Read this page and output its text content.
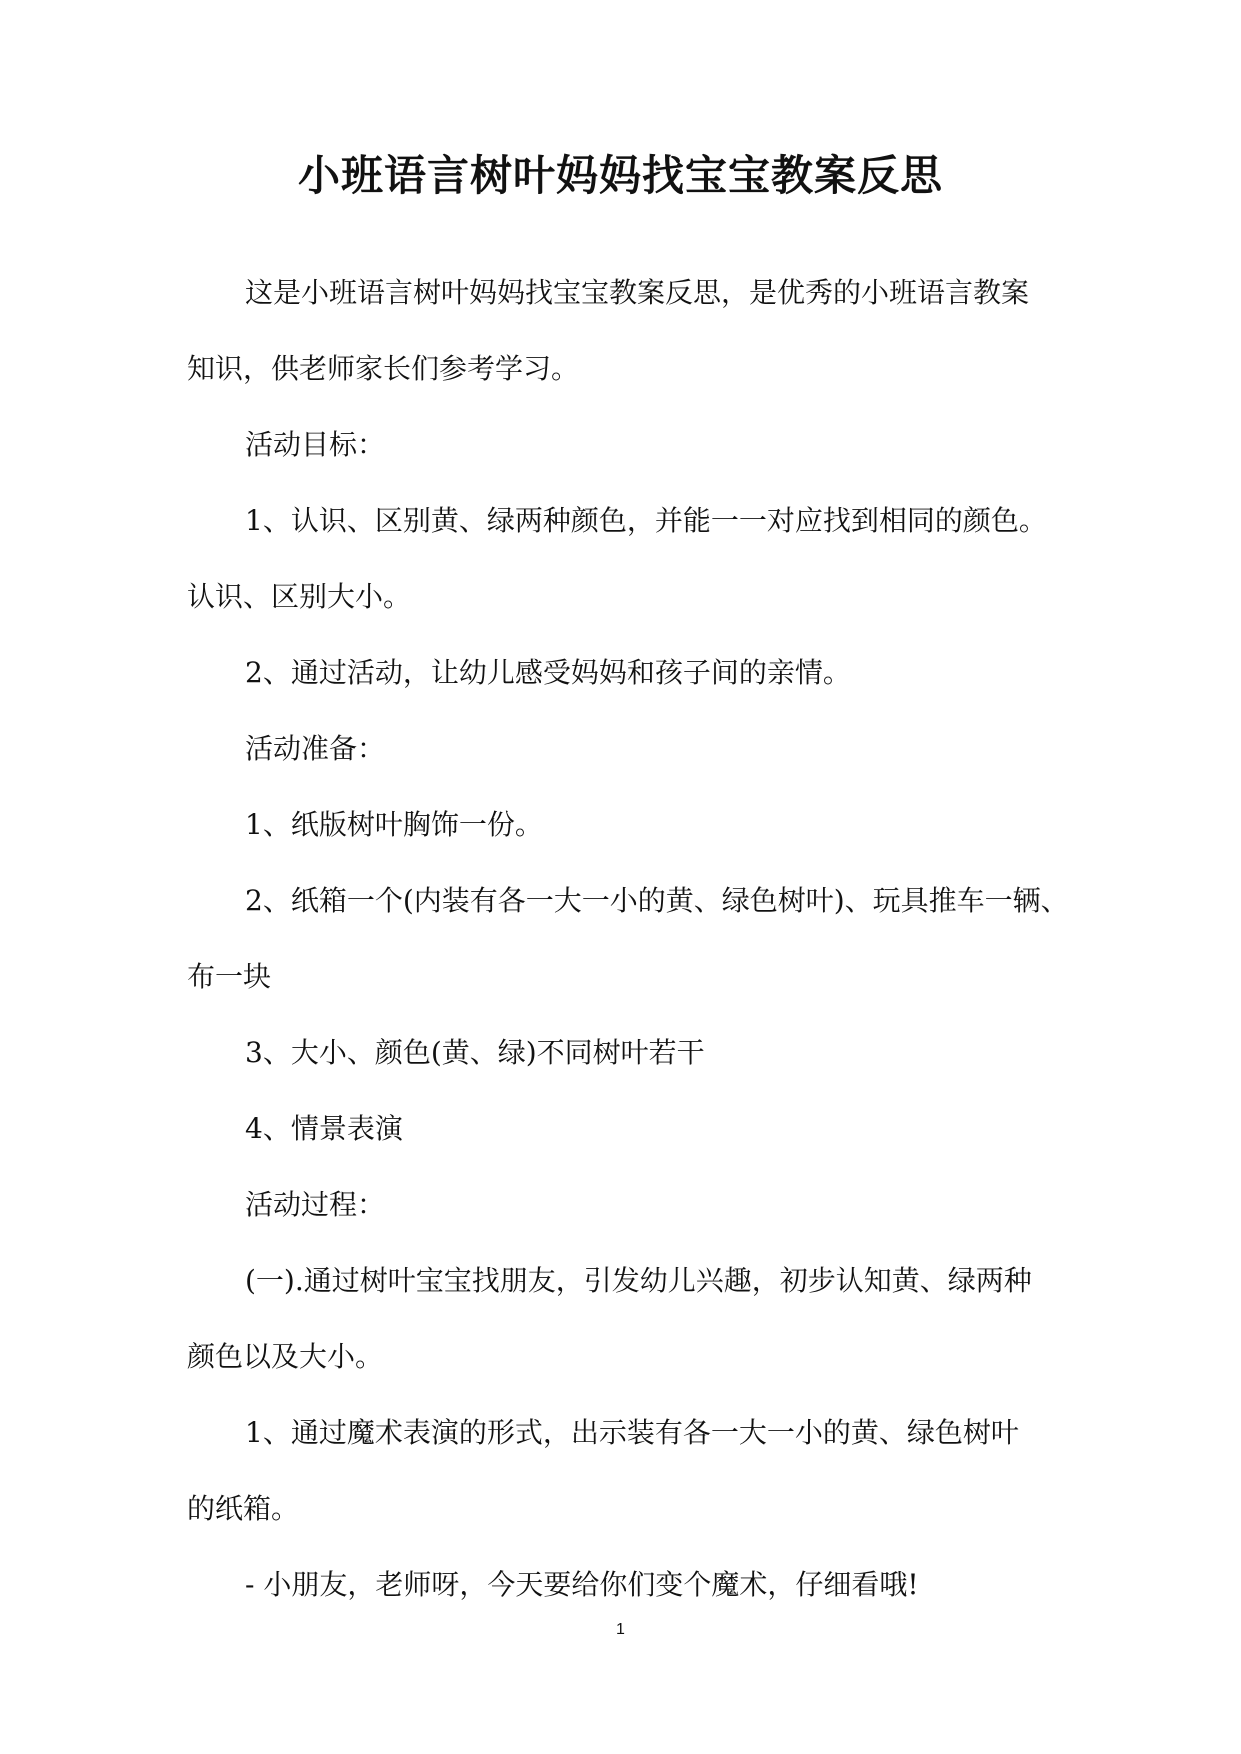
小班语言树叶妈妈找宝宝教案反思
这是小班语言树叶妈妈找宝宝教案反思，是优秀的小班语言教案
知识，供老师家长们参考学习。
活动目标：
1、认识、区别黄、绿两种颜色，并能一一对应找到相同的颜色。
认识、区别大小。
2、通过活动，让幼儿感受妈妈和孩子间的亲情。
活动准备：
1、纸版树叶胸饰一份。
2、纸箱一个(内装有各一大一小的黄、绿色树叶)、玩具推车一辆、
布一块
3、大小、颜色(黄、绿)不同树叶若干
4、情景表演
活动过程：
(一).通过树叶宝宝找朋友，引发幼儿兴趣，初步认知黄、绿两种
颜色以及大小。
1、通过魔术表演的形式，出示装有各一大一小的黄、绿色树叶
的纸箱。
- 小朋友，老师呀，今天要给你们变个魔术，仔细看哦!
1
